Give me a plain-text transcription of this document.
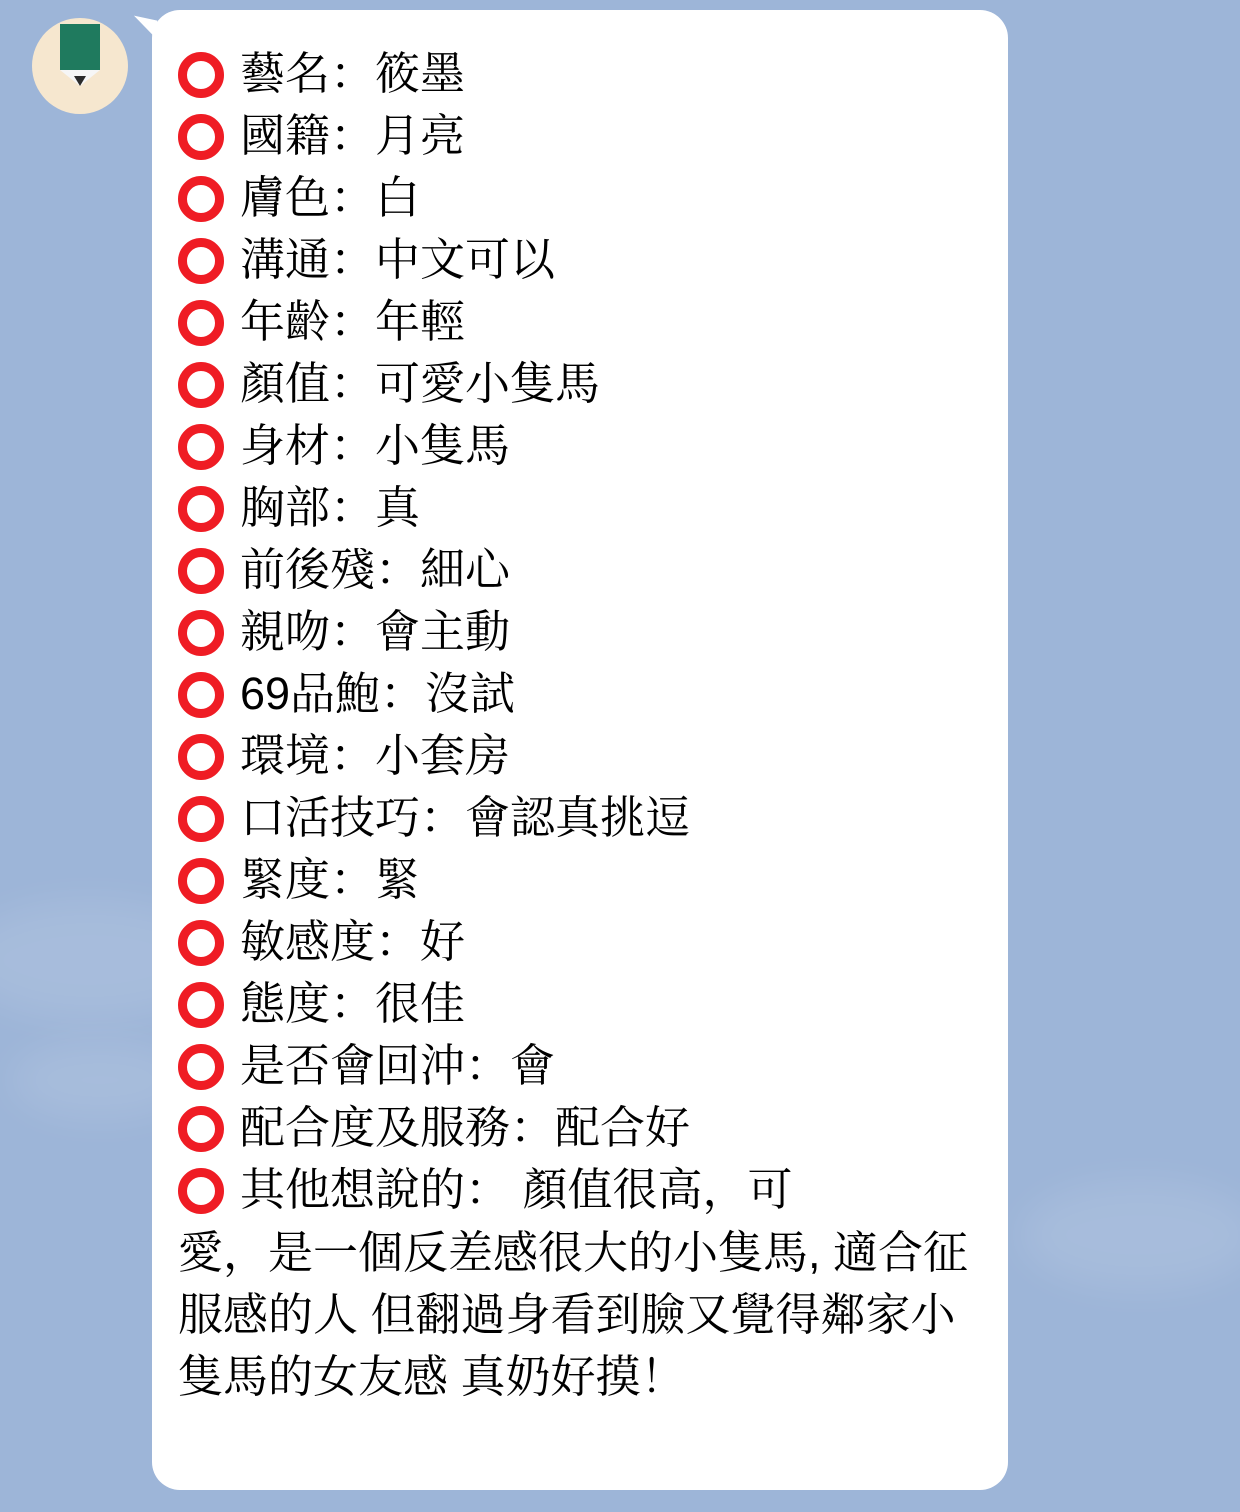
藝名：筱墨
國籍：月亮
膚色：白
溝通：中文可以
年齡：年輕
顏值：可愛小隻馬
身材：小隻馬
胸部：真
前後殘：細心
親吻：會主動
69品鮑：沒試
環境：小套房
口活技巧：會認真挑逗
緊度：緊
敏感度：好
態度：很佳
是否會回沖：會
配合度及服務：配合好
其他想說的： 顏值很高，可

愛，是一個反差感很大的小隻馬, 適合征服感的人 但翻過身看到臉又覺得鄰家小隻馬的女友感 真奶好摸！
